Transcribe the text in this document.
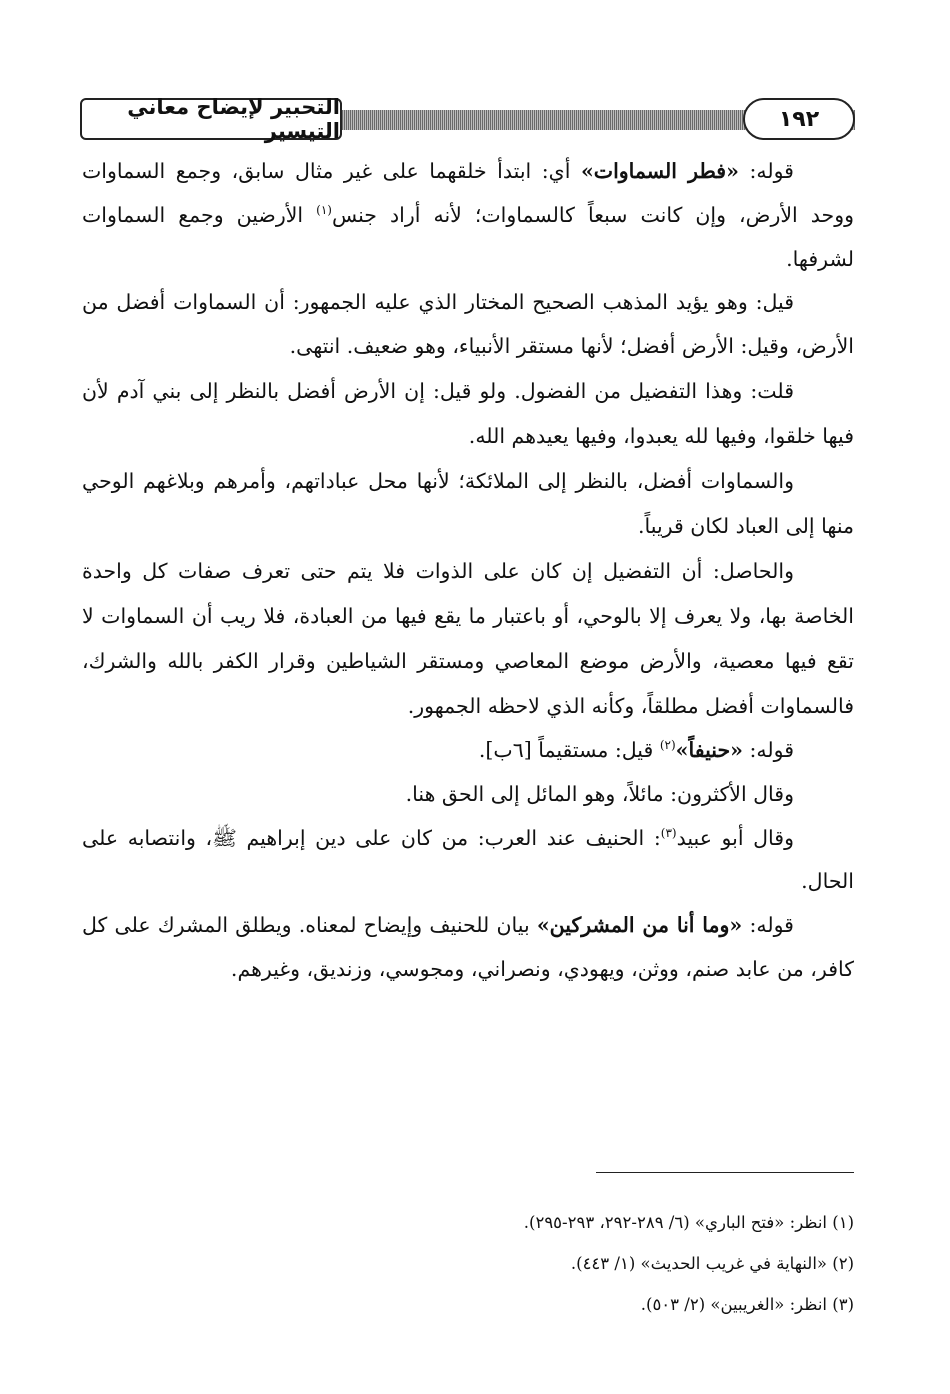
التحبير لإيضاح معاني التيسير	١٩٢

قوله: «فطر السماوات» أي: ابتدأ خلقهما على غير مثال سابق، وجمع السماوات ووحد الأرض، وإن كانت سبعاً كالسماوات؛ لأنه أراد جنس$^{(١)}$ الأرضين وجمع السماوات لشرفها.

قيل: وهو يؤيد المذهب الصحيح المختار الذي عليه الجمهور: أن السماوات أفضل من الأرض، وقيل: الأرض أفضل؛ لأنها مستقر الأنبياء، وهو ضعيف. انتهى.

قلت: وهذا التفضيل من الفضول. ولو قيل: إن الأرض أفضل بالنظر إلى بني آدم لأن فيها خلقوا، وفيها لله يعبدوا، وفيها يعيدهم الله.

والسماوات أفضل، بالنظر إلى الملائكة؛ لأنها محل عباداتهم، وأمرهم وبلاغهم الوحي منها إلى العباد لكان قريباً.

والحاصل: أن التفضيل إن كان على الذوات فلا يتم حتى تعرف صفات كل واحدة الخاصة بها، ولا يعرف إلا بالوحي، أو باعتبار ما يقع فيها من العبادة، فلا ريب أن السماوات لا تقع فيها معصية، والأرض موضع المعاصي ومستقر الشياطين وقرار الكفر بالله والشرك، فالسماوات أفضل مطلقاً، وكأنه الذي لاحظه الجمهور.

قوله: «حنيفاً»$^{(٢)}$ قيل: مستقيماً [٦ب].

وقال الأكثرون: مائلاً، وهو المائل إلى الحق هنا.

وقال أبو عبيد$^{(٣)}$: الحنيف عند العرب: من كان على دين إبراهيم ﷺ، وانتصابه على الحال.

قوله: «وما أنا من المشركين» بيان للحنيف وإيضاح لمعناه. ويطلق المشرك على كل كافر، من عابد صنم، ووثن، ويهودي، ونصراني، ومجوسي، وزنديق، وغيرهم.

(١) انظر: «فتح الباري» (٦/ ٢٨٩-٢٩٢، ٢٩٣-٢٩٥).

(٢) «النهاية في غريب الحديث» (١/ ٤٤٣).

(٣) انظر: «الغريبين» (٢/ ٥٠٣).
